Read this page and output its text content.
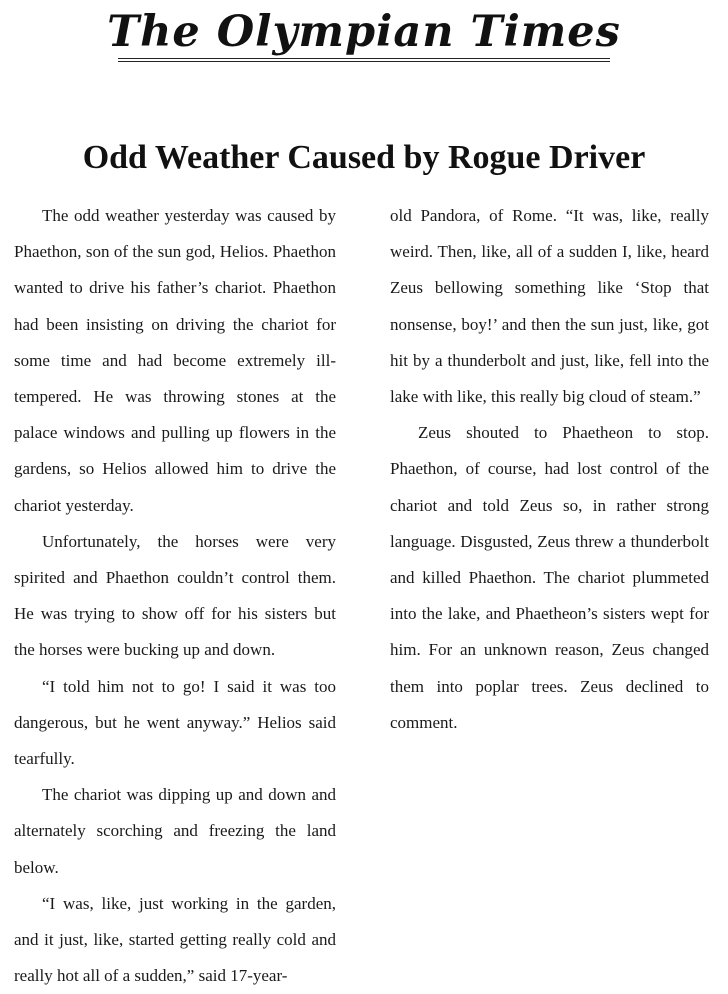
The Olympian Times
Odd Weather Caused by Rogue Driver

The odd weather yesterday was caused by Phaethon, son of the sun god, Helios. Phaethon wanted to drive his father’s chariot. Phaethon had been insisting on driving the chariot for some time and had become extremely ill-tempered. He was throwing stones at the palace windows and pulling up flowers in the gardens, so Helios allowed him to drive the chariot yesterday.

Unfortunately, the horses were very spirited and Phaethon couldn’t control them. He was trying to show off for his sisters but the horses were bucking up and down.

“I told him not to go! I said it was too dangerous, but he went anyway.” Helios said tearfully.

The chariot was dipping up and down and alternately scorching and freezing the land below.

“I was, like, just working in the garden, and it just, like, started getting really cold and really hot all of a sudden,” said 17-year-

old Pandora, of Rome. “It was, like, really weird. Then, like, all of a sudden I, like, heard Zeus bellowing something like ‘Stop that nonsense, boy!’ and then the sun just, like, got hit by a thunderbolt and just, like, fell into the lake with like, this really big cloud of steam.”

Zeus shouted to Phaetheon to stop. Phaethon, of course, had lost control of the chariot and told Zeus so, in rather strong language. Disgusted, Zeus threw a thunderbolt and killed Phaethon. The chariot plummeted into the lake, and Phaetheon’s sisters wept for him. For an unknown reason, Zeus changed them into poplar trees. Zeus declined to comment.
